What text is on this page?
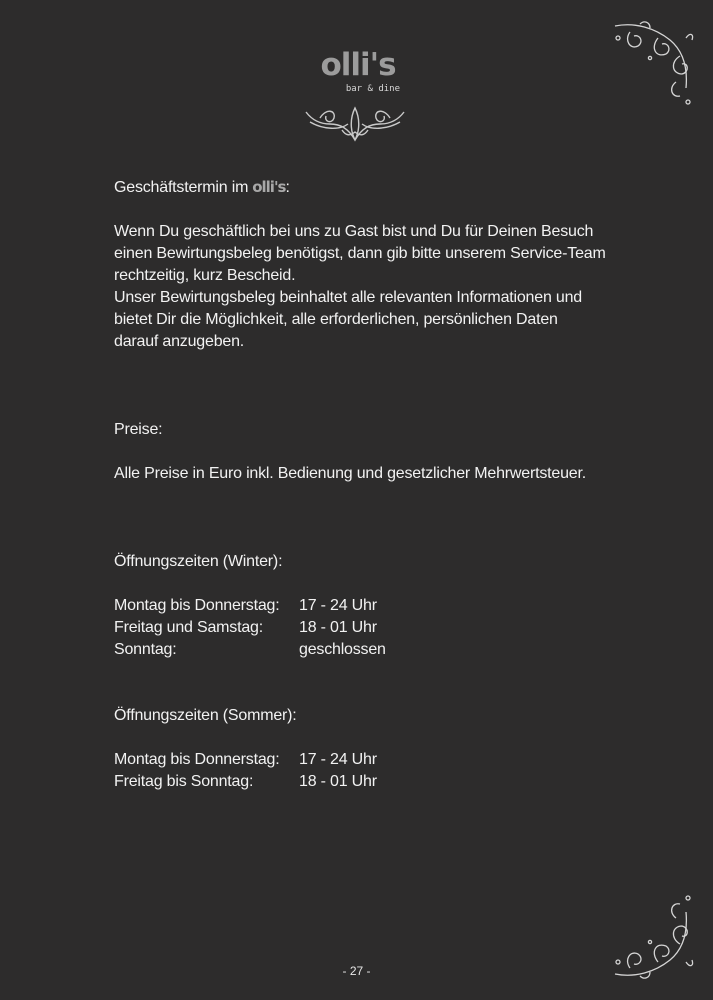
olli's
bar & dine

Geschäftstermin im olli's :

Wenn Du geschäftlich bei uns zu Gast bist und Du für Deinen Besuch

einen Bewirtungsbeleg benötigst, dann gib bitte unserem Service-Team

rechtzeitig, kurz Bescheid.

Unser Bewirtungsbeleg beinhaltet alle relevanten Informationen und

bietet Dir die Möglichkeit, alle erforderlichen, persönlichen Daten

darauf anzugeben.

Preise:

Alle Preise in Euro inkl. Bedienung und gesetzlicher Mehrwertsteuer.

Öffnungszeiten (Winter):

Montag bis Donnerstag:	17 - 24 Uhr
Freitag und Samstag:	18 - 01 Uhr
Sonntag:	geschlossen

Öffnungszeiten (Sommer):

Montag bis Donnerstag:	17 - 24 Uhr
Freitag bis Sonntag:	18 - 01 Uhr
- 27 -
